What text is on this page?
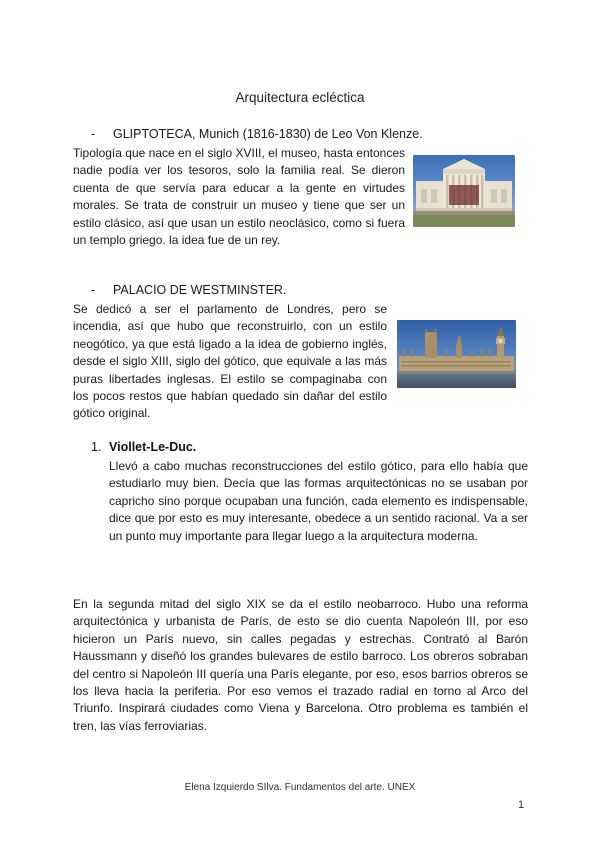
Arquitectura ecléctica
- GLIPTOTECA, Munich (1816-1830) de Leo Von Klenze.
Tipología que nace en el siglo XVIII, el museo, hasta entonces nadie podía ver los tesoros, solo la familia real. Se dieron cuenta de que servía para educar a la gente en virtudes morales. Se trata de construir un museo y tiene que ser un estilo clásico, así que usan un estilo neoclásico, como si fuera un templo griego. la idea fue de un rey.
- PALACIO DE WESTMINSTER.
Se dedicó a ser el parlamento de Londres, pero se incendia, así que hubo que reconstruirlo, con un estilo neogótico, ya que está ligado a la idea de gobierno inglés, desde el siglo XIII, siglo del gótico, que equivale a las más puras libertades inglesas. El estilo se compaginaba con los pocos restos que habían quedado sin dañar del estilo gótico original.
1. Viollet-Le-Duc.
Llevó a cabo muchas reconstrucciones del estilo gótico, para ello había que estudiarlo muy bien. Decía que las formas arquitectónicas no se usaban por capricho sino porque ocupaban una función, cada elemento es indispensable, dice que por esto es muy interesante, obedece a un sentido racional. Va a ser un punto muy importante para llegar luego a la arquitectura moderna.
En la segunda mitad del siglo XIX se da el estilo neobarroco. Hubo una reforma arquitectónica y urbanista de París, de esto se dio cuenta Napoleón III, por eso hicieron un París nuevo, sin calles pegadas y estrechas. Contrató al Barón Haussmann y diseñó los grandes bulevares de estilo barroco. Los obreros sobraban del centro si Napoleón III quería una París elegante, por eso, esos barrios obreros se los lleva hacia la periferia. Por eso vemos el trazado radial en torno al Arco del Triunfo. Inspirará ciudades como Viena y Barcelona. Otro problema es también el tren, las vías ferroviarias.
Elena Izquierdo SIlva. Fundamentos del arte. UNEX
1
